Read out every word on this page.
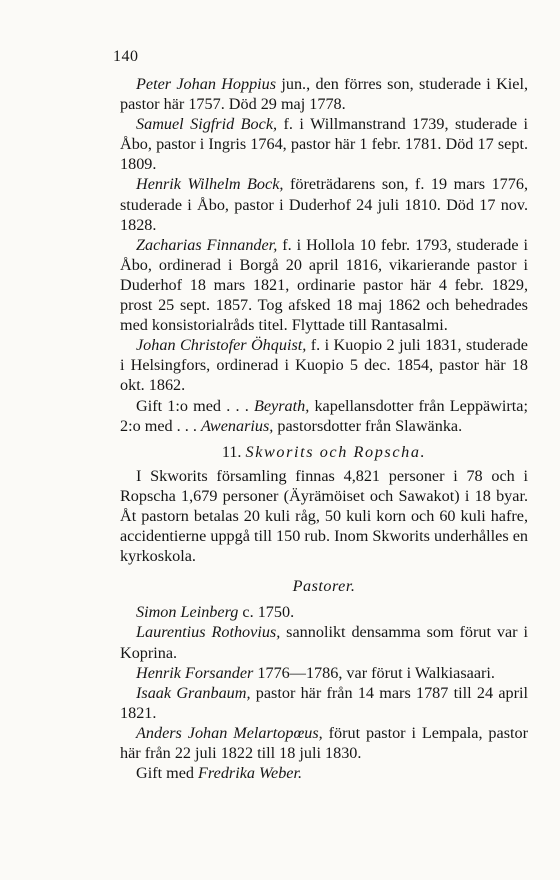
140

Peter Johan Hoppius jun., den förres son, studerade i Kiel, pastor här 1757. Död 29 maj 1778.

Samuel Sigfrid Bock, f. i Willmanstrand 1739, studerade i Åbo, pastor i Ingris 1764, pastor här 1 febr. 1781. Död 17 sept. 1809.

Henrik Wilhelm Bock, företrädarens son, f. 19 mars 1776, studerade i Åbo, pastor i Duderhof 24 juli 1810. Död 17 nov. 1828.

Zacharias Finnander, f. i Hollola 10 febr. 1793, studerade i Åbo, ordinerad i Borgå 20 april 1816, vikarierande pastor i Duderhof 18 mars 1821, ordinarie pastor här 4 febr. 1829, prost 25 sept. 1857. Tog afsked 18 maj 1862 och behedrades med konsistorialråds titel. Flyttade till Rantasalmi.

Johan Christofer Öhquist, f. i Kuopio 2 juli 1831, studerade i Helsingfors, ordinerad i Kuopio 5 dec. 1854, pastor här 18 okt. 1862.

Gift 1:o med . . . Beyrath, kapellansdotter från Leppäwirta; 2:o med . . . Awenarius, pastorsdotter från Slawänka.

11. Skworits och Ropscha.

I Skworits församling finnas 4,821 personer i 78 och i Ropscha 1,679 personer (Äyrämöiset och Sawakot) i 18 byar. Åt pastorn betalas 20 kuli råg, 50 kuli korn och 60 kuli hafre, accidentierne uppgå till 150 rub. Inom Skworits underhålles en kyrkoskola.

Pastorer.

Simon Leinberg c. 1750.

Laurentius Rothovius, sannolikt densamma som förut var i Koprina.

Henrik Forsander 1776—1786, var förut i Walkiasaari.

Isaak Granbaum, pastor här från 14 mars 1787 till 24 april 1821.

Anders Johan Melartopœus, förut pastor i Lempala, pastor här från 22 juli 1822 till 18 juli 1830.

Gift med Fredrika Weber.
